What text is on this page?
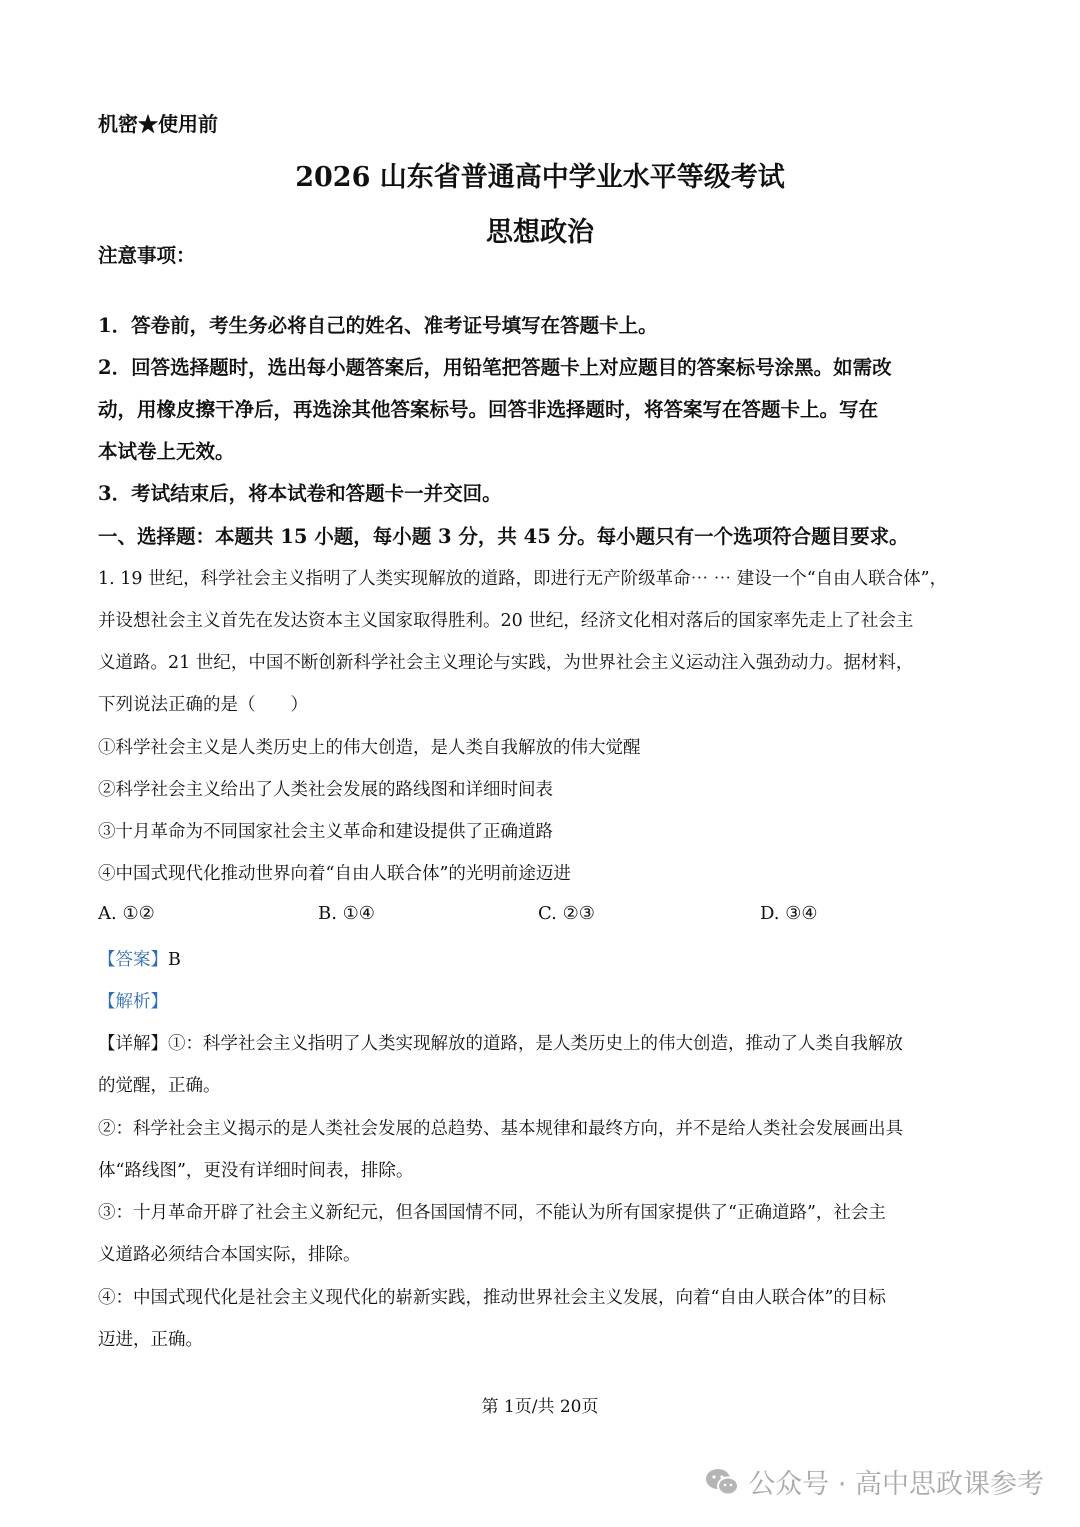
机密★使用前
2026 山东省普通高中学业水平等级考试
思想政治
注意事项：
1．答卷前，考生务必将自己的姓名、准考证号填写在答题卡上。
2．回答选择题时，选出每小题答案后，用铅笔把答题卡上对应题目的答案标号涂黑。如需改
动，用橡皮擦干净后，再选涂其他答案标号。回答非选择题时，将答案写在答题卡上。写在
本试卷上无效。
3．考试结束后，将本试卷和答题卡一并交回。
一、选择题：本题共 15 小题，每小题 3 分，共 45 分。每小题只有一个选项符合题目要求。
1. 19 世纪，科学社会主义指明了人类实现解放的道路，即进行无产阶级革命⋯ ⋯ 建设一个“自由人联合体”，
并设想社会主义首先在发达资本主义国家取得胜利。20 世纪，经济文化相对落后的国家率先走上了社会主
义道路。21 世纪，中国不断创新科学社会主义理论与实践，为世界社会主义运动注入强劲动力。据材料，
下列说法正确的是（　　）
①科学社会主义是人类历史上的伟大创造，是人类自我解放的伟大觉醒
②科学社会主义给出了人类社会发展的路线图和详细时间表
③十月革命为不同国家社会主义革命和建设提供了正确道路
④中国式现代化推动世界向着“自由人联合体”的光明前途迈进
A. ①②	B. ①④	C. ②③	D. ③④
【答案】B
【解析】
【详解】①：科学社会主义指明了人类实现解放的道路，是人类历史上的伟大创造，推动了人类自我解放
的觉醒，正确。
②：科学社会主义揭示的是人类社会发展的总趋势、基本规律和最终方向，并不是给人类社会发展画出具
体“路线图”，更没有详细时间表，排除。
③：十月革命开辟了社会主义新纪元，但各国国情不同，不能认为所有国家提供了“正确道路”，社会主
义道路必须结合本国实际，排除。
④：中国式现代化是社会主义现代化的崭新实践，推动世界社会主义发展，向着“自由人联合体”的目标
迈进，正确。
第 1页/共 20页
公众号 · 高中思政课参考
